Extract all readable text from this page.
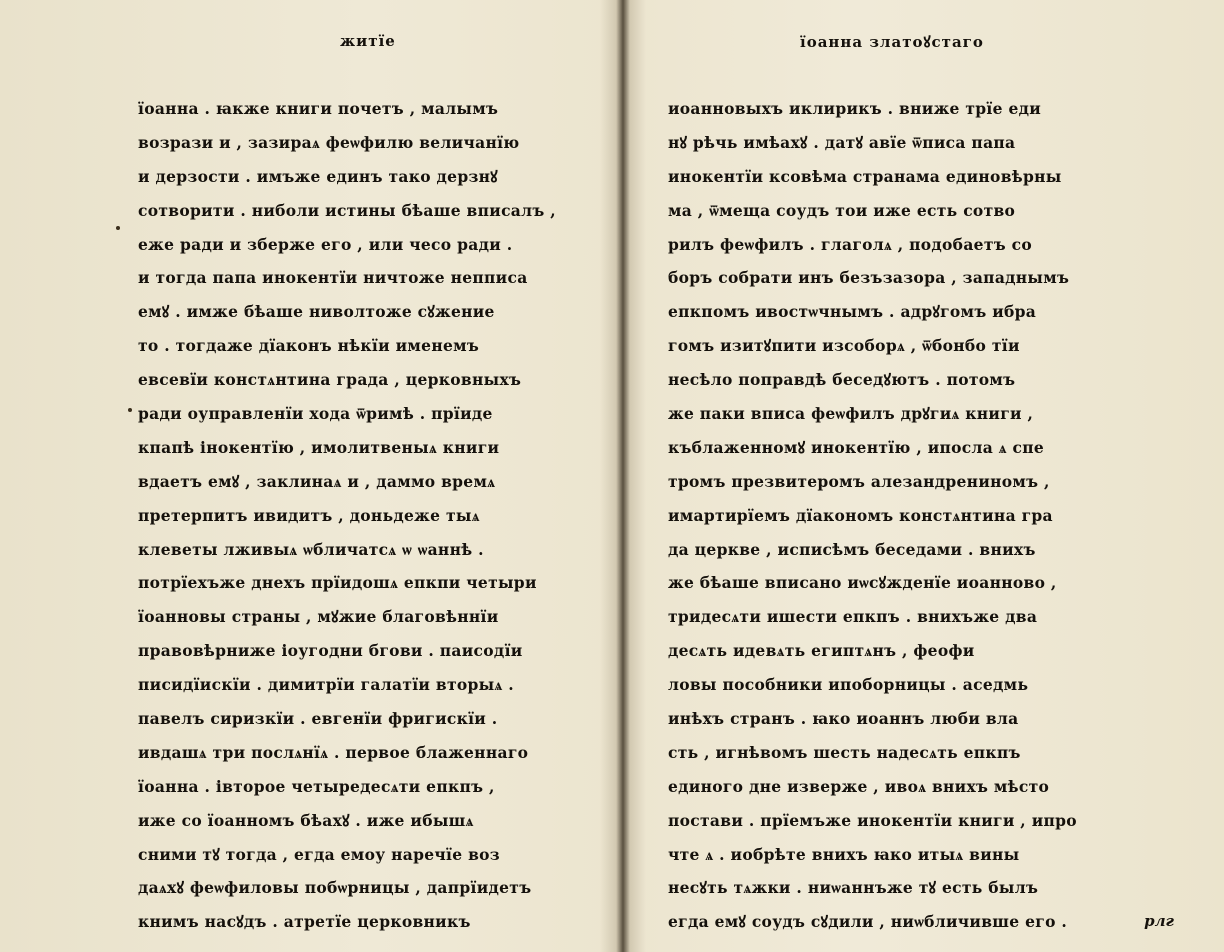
житїе
їоанна . ꙗкже книги почетъ , малымъ
возрази и , зазираѧ феѡфилю величанїю
и дерзости . имъже единъ тако дерзнꙋ
сотворити . ниболи истины бѣаше вписалъ ,
еже ради и збержe его , или чесо ради .
и тогда папа инокентїи ничтоже непписа
емꙋ . имже бѣаше ниволтоже сꙋжение
то . тогдаже дїаконъ нѣкїи именемъ
евсевїи констѧнтина града , церковныхъ
ради оуправленїи хода ѿримѣ . прїиде
кпапѣ інокентїю , имолитвеныѧ книги
вдаетъ емꙋ , заклинаѧ и , даммо времѧ
претерпитъ ивидитъ , доньдеже тыѧ
клеветы лживыѧ ѡбличатсѧ ѡ ѡаннѣ .
потрїехъже днехъ прїидошѧ епкпи четыри
їоанновы страны , мꙋжие благовѣннїи
правовѣрниже іоугодни бгови . паисодїи
писидїискїи . димитрїи галатїи вторыѧ .
павелъ сиризкїи . евгенїи фригискїи .
ивдашѧ три послѧнїѧ . первое блаженнаго
їоанна . івторое четыредесѧти епкпъ ,
иже со їоанномъ бѣахꙋ . иже ибышѧ
сними тꙋ тогда , егда емоу наречїе воз
даѧхꙋ феѡфиловы побѡрницы , дапрїидетъ
книмъ насꙋдъ . атретїе церковникъ
їоанна златоꙋстаго
иоанновыхъ иклирикъ . вниже трїе еди
нꙋ рѣчь имѣахꙋ . датꙋ авїе ѿписа папа
инокентїи ксовѣма странама единовѣрны
ма , ѿмеща соудъ тои иже есть сотво
рилъ феѡфилъ . глаголѧ , подобаетъ со
боръ собрати инъ безъзазора , западнымъ
епкпомъ ивостѡчнымъ . адрꙋгомъ ибра
гомъ изитꙋпити изсоборѧ , ѿбонбо тїи
несѣло поправдѣ беседꙋютъ . потомъ
же паки вписа феѡфилъ дрꙋгиѧ книги ,
къблаженномꙋ инокентїю , ипосла ѧ спе
тромъ презвитеромъ алезандрениномъ ,
имартирїемъ дїакономъ констѧнтина гра
да церкве , исписѣмъ беседами . вниxъ
же бѣаше вписано иѡсꙋжденїе иоанново ,
тридесѧти ишести епкпъ . внихъже два
десѧть идевѧть египтѧнъ , феофи
ловы пособники ипоборницы . аседмь
инѣхъ странъ . ꙗко иоаннъ люби вла
сть , игнѣвомъ шесть надесѧть епкпъ
единого дне изверже , ивоѧ внихъ мѣсто
постави . прїемъже инокентїи книги , ипро
чте ѧ . иобрѣте внихъ ꙗко итыѧ вины
несꙋть тѧжки . ниѡаннъже тꙋ есть былъ
егда емꙋ соудъ сꙋдили , ниѡбличивше его .	рлг
